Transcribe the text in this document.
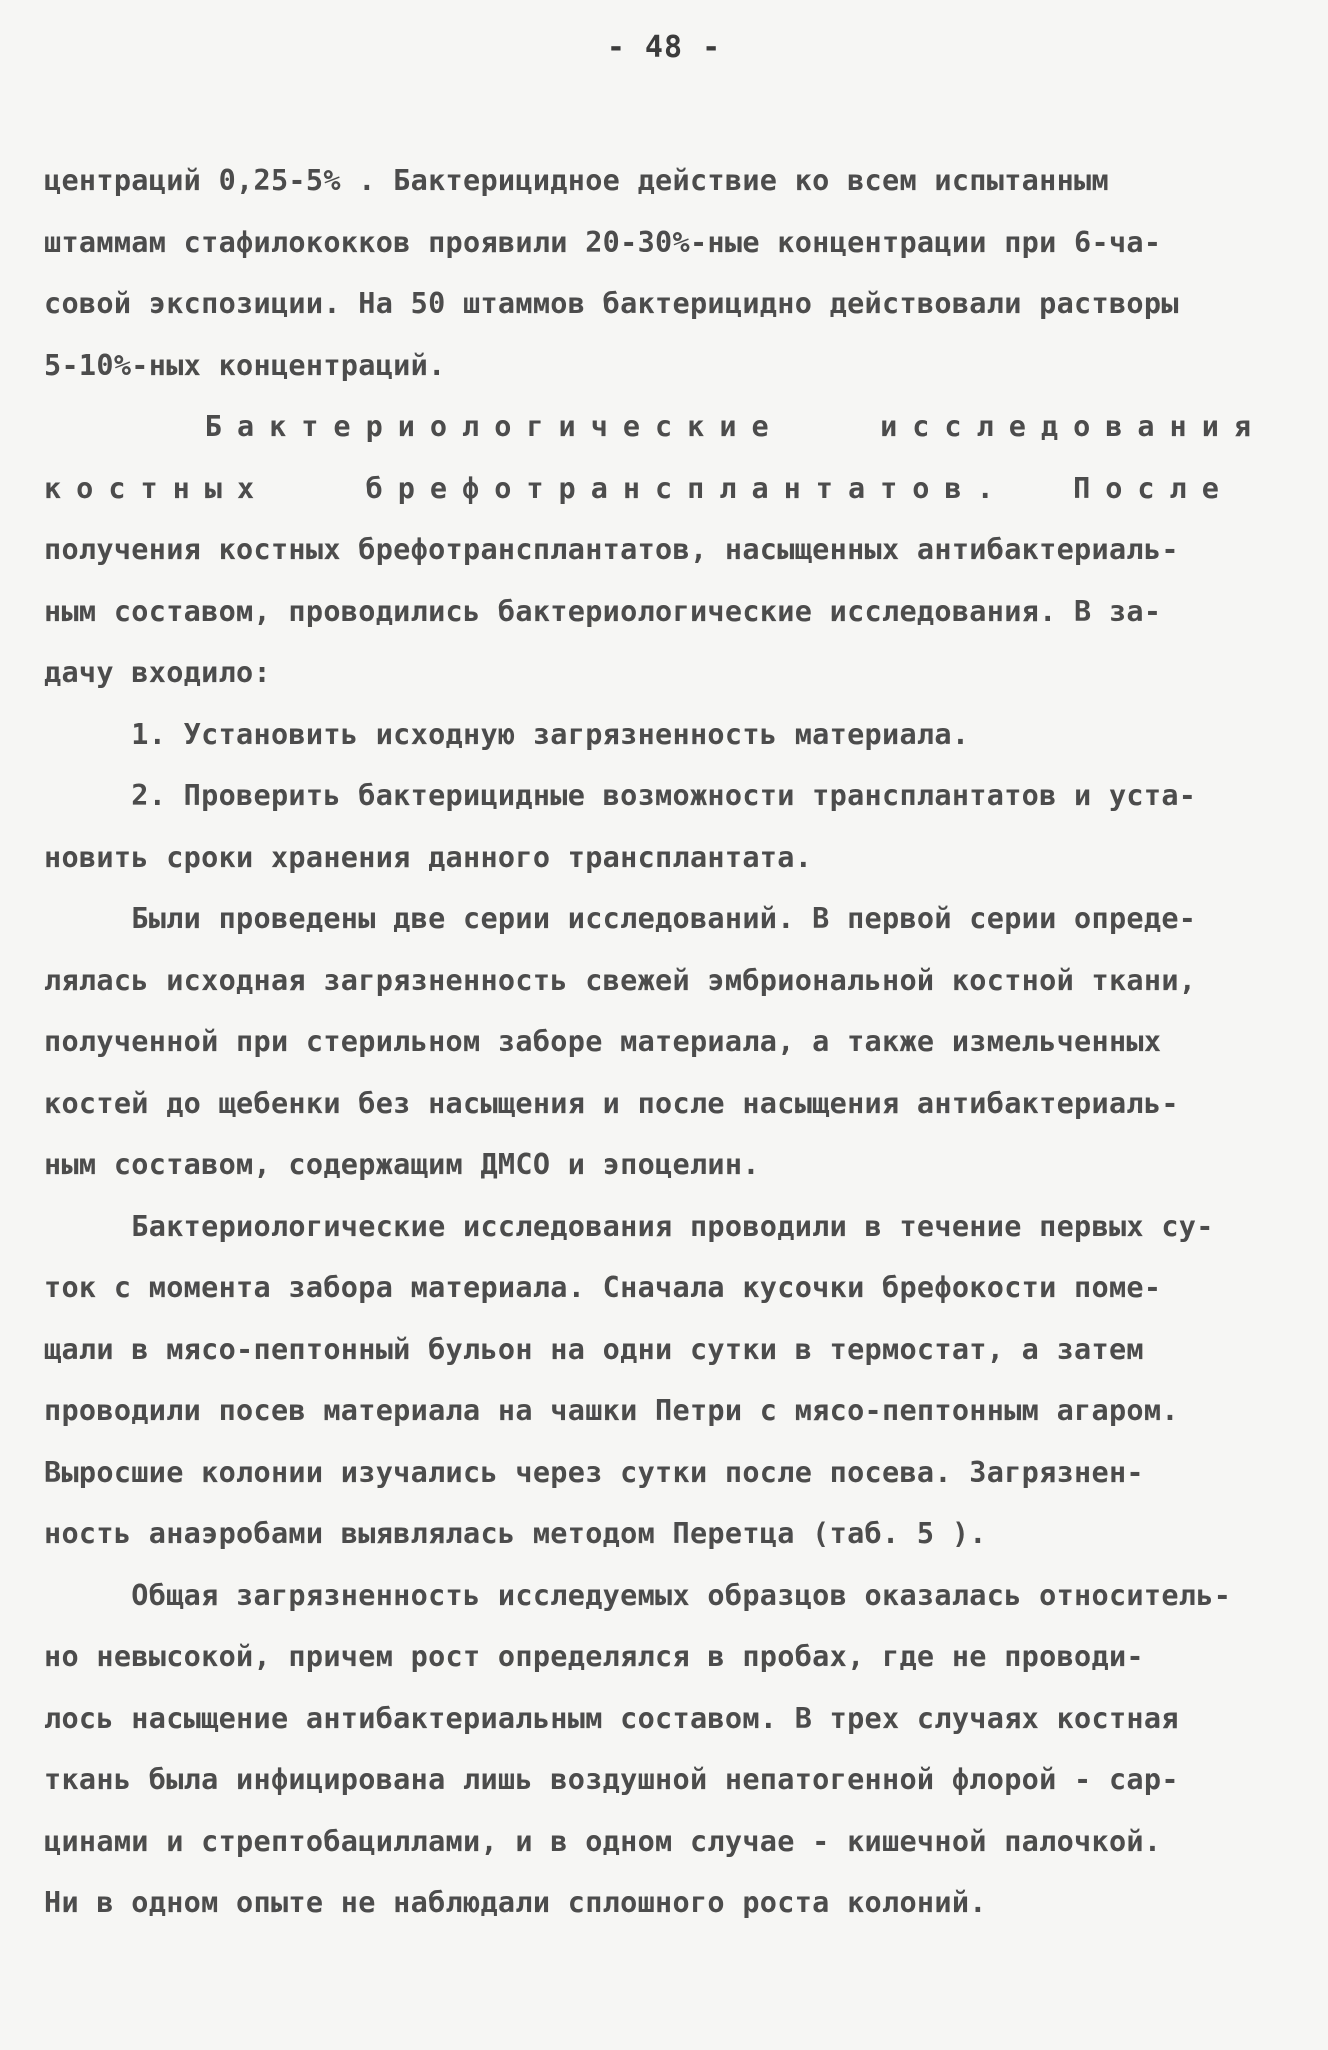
- 48 -
центраций 0,25-5% . Бактерицидное действие ко всем испытанным
штаммам стафилококков проявили 20-30%-ные концентрации при 6-ча-
совой экспозиции. На 50 штаммов бактерицидно действовали растворы
5-10%-ных концентраций.
Бактериологические   исследования
костных   брефотрансплантатов.  После
получения костных брефотрансплантатов, насыщенных антибактериаль-
ным составом, проводились бактериологические исследования. В за-
дачу входило:
1. Установить исходную загрязненность материала.
2. Проверить бактерицидные возможности трансплантатов и уста-
новить сроки хранения данного трансплантата.
Были проведены две серии исследований. В первой серии опреде-
лялась исходная загрязненность свежей эмбриональной костной ткани,
полученной при стерильном заборе материала, а также измельченных
костей до щебенки без насыщения и после насыщения антибактериаль-
ным составом, содержащим ДМСО и эпоцелин.
Бактериологические исследования проводили в течение первых су-
ток с момента забора материала. Сначала кусочки брефокости поме-
щали в мясо-пептонный бульон на одни сутки в термостат, а затем
проводили посев материала на чашки Петри с мясо-пептонным агаром.
Выросшие колонии изучались через сутки после посева. Загрязнен-
ность анаэробами выявлялась методом Перетца (таб. 5 ).
Общая загрязненность исследуемых образцов оказалась относитель-
но невысокой, причем рост определялся в пробах, где не проводи-
лось насыщение антибактериальным составом. В трех случаях костная
ткань была инфицирована лишь воздушной непатогенной флорой - сар-
цинами и стрептобациллами, и в одном случае - кишечной палочкой.
Ни в одном опыте не наблюдали сплошного роста колоний.
